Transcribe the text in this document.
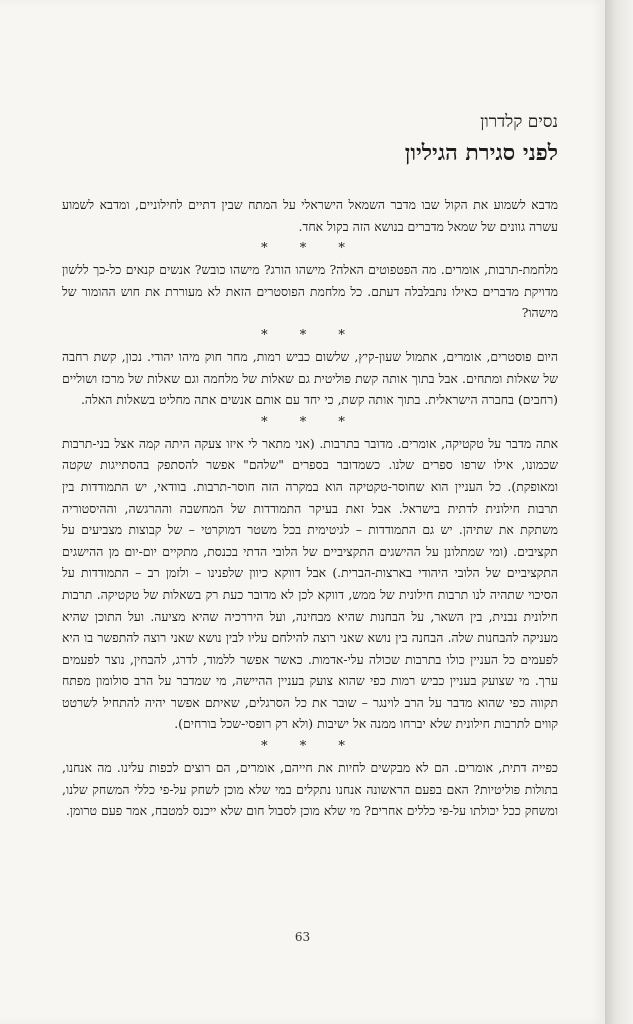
נסים קלדרון
לפני סגירת הגיליון

מדבא לשמוע את הקול שבו מדבר השמאל הישראלי על המתח שבין דתיים לחילוניים, ומדבא לשמוע עשרה גוונים של שמאל מדברים בנושא הזה בקול אחד.

* * *

מלחמת-תרבות, אומרים. מה הפטפוטים האלה? מישהו הורג? מישהו כובש? אנשים קנאים כל-כך ללשון מדויקת מדברים כאילו נתבלבלה דעתם. כל מלחמת הפוסטרים הזאת לא מעוררת את חוש ההומור של מישהו?

* * *

היום פוסטרים, אומרים, אתמול שעון-קיץ, שלשום כביש רמות, מחר חוק מיהו יהודי. נכון, קשת רחבה של שאלות ומתחים. אבל בתוך אותה קשת פוליטית גם שאלות של מלחמה וגם שאלות של מרכז ושוליים (רחבים) בחברה הישראלית. בתוך אותה קשת, כי יחד עם אותם אנשים אתה מחליט בשאלות האלה.

* * *

אתה מדבר על טקטיקה, אומרים. מדובר בתרבות. (אני מתאר לי איזו צעקה היתה קמה אצל בני-תרבות שכמונו, אילו שרפו ספרים שלנו. כשמדובר בספרים "שלהם" אפשר להסתפק בהסתייגות שקטה ומאופקת). כל העניין הוא שחוסר-טקטיקה הוא במקרה הזה חוסר-תרבות. בוודאי, יש התמודדות בין תרבות חילונית לדתית בישראל. אבל זאת בעיקר התמודדות של המחשבה וההרגשה, וההיסטוריה משתקת את שתיהן. יש גם התמודדות – לגיטימית בכל משטר דמוקרטי – של קבוצות מצביעים על תקציבים. (ומי שמתלונן על ההישגים התקציביים של הלובי הדתי בכנסת, מתקיים יום-יום מן ההישגים התקציביים של הלובי היהודי בארצות-הברית.) אבל דווקא כיוון שלפנינו – ולזמן רב – התמודדות על הסיכוי שתהיה לנו תרבות חילונית של ממש, דווקא לכן לא מדובר כעת רק בשאלות של טקטיקה. תרבות חילונית נבנית, בין השאר, על הבחנות שהיא מבחינה, ועל היררכיה שהיא מציעה. ועל התוכן שהיא מעניקה להבחנות שלה. הבחנה בין נושא שאני רוצה להילחם עליו לבין נושא שאני רוצה להתפשר בו היא לפעמים כל העניין כולו בתרבות שכולה עלי-אדמות. כאשר אפשר ללמוד, לדרג, להבחין, נוצר לפעמים ערך. מי שצועק בעניין כביש רמות כפי שהוא צועק בעניין ההיישה, מי שמדבר על הרב סולומון מפתח תקווה כפי שהוא מדבר על הרב לוינגר – שובר את כל הסרגלים, שאיתם אפשר יהיה להתחיל לשרטט קווים לתרבות חילונית שלא יברחו ממנה אל ישיבות (ולא רק רופסי-שכל בורחים).

* * *

כפייה דתית, אומרים. הם לא מבקשים לחיות את חייהם, אומרים, הם רוצים לכפות עלינו. מה אנחנו, בתולות פוליטיות? האם בפעם הראשונה אנחנו נתקלים במי שלא מוכן לשחק על-פי כללי המשחק שלנו, ומשחק ככל יכולתו על-פי כללים אחרים? מי שלא מוכן לסבול חום שלא ייכנס למטבח, אמר פעם טרומן.

63
